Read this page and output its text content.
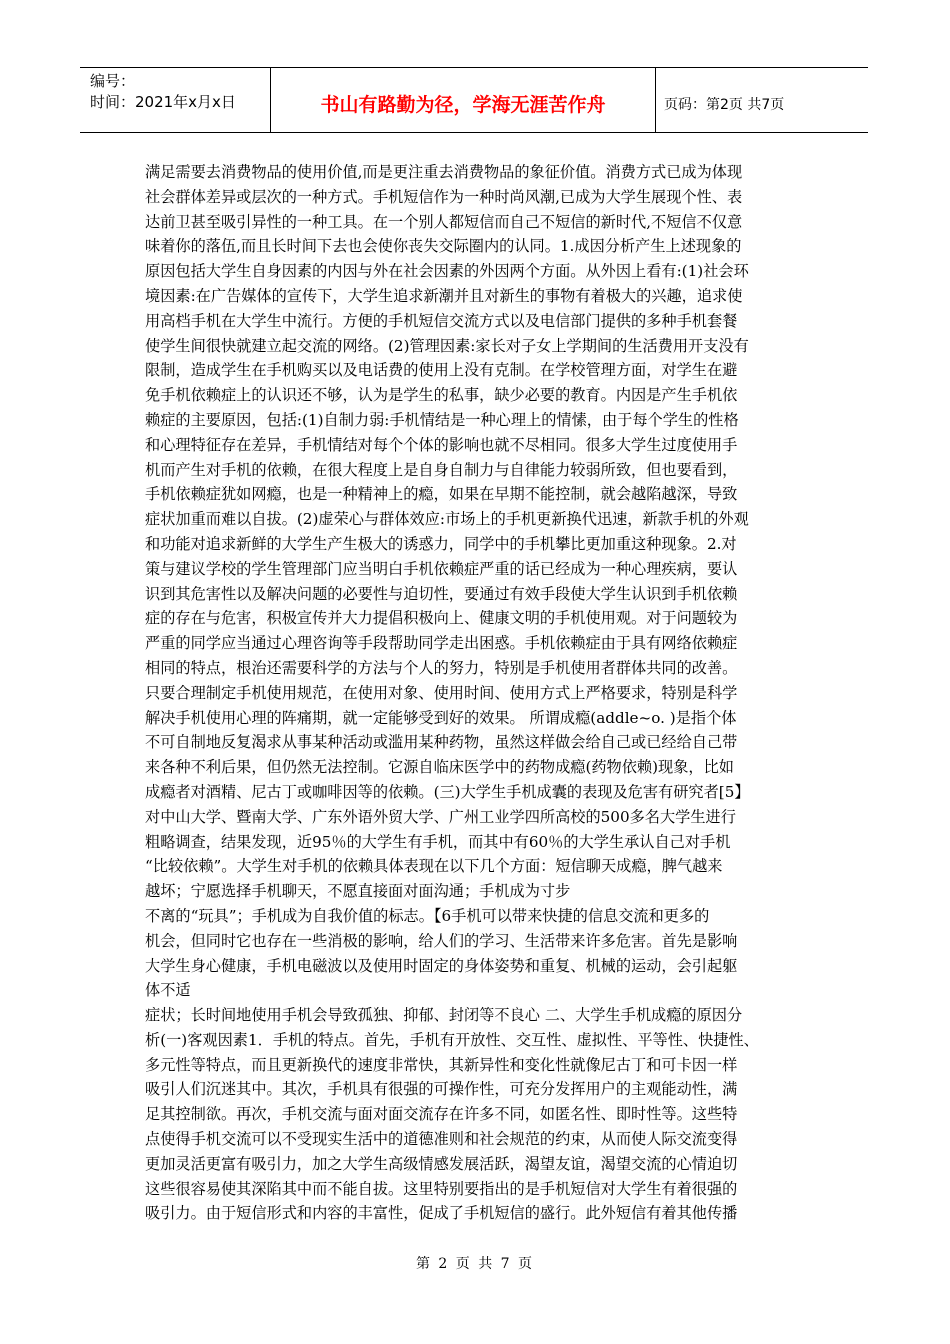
编号：
时间：2021年x月x日	书山有路勤为径，学海无涯苦作舟	页码：第2页 共7页
满足需要去消费物品的使用价值,而是更注重去消费物品的象征价值。消费方式已成为体现
社会群体差异或层次的一种方式。手机短信作为一种时尚风潮,已成为大学生展现个性、表
达前卫甚至吸引异性的一种工具。在一个别人都短信而自己不短信的新时代,不短信不仅意
味着你的落伍,而且长时间下去也会使你丧失交际圈内的认同。1.成因分析产生上述现象的
原因包括大学生自身因素的内因与外在社会因素的外因两个方面。从外因上看有:(1)社会环
境因素:在广告媒体的宣传下，大学生追求新潮并且对新生的事物有着极大的兴趣，追求使
用高档手机在大学生中流行。方便的手机短信交流方式以及电信部门提供的多种手机套餐
使学生间很快就建立起交流的网络。(2)管理因素:家长对子女上学期间的生活费用开支没有
限制，造成学生在手机购买以及电话费的使用上没有克制。在学校管理方面，对学生在避
免手机依赖症上的认识还不够，认为是学生的私事，缺少必要的教育。内因是产生手机依
赖症的主要原因，包括:(1)自制力弱:手机情结是一种心理上的情愫，由于每个学生的性格
和心理特征存在差异，手机情结对每个个体的影响也就不尽相同。很多大学生过度使用手
机而产生对手机的依赖，在很大程度上是自身自制力与自律能力较弱所致，但也要看到，
手机依赖症犹如网瘾，也是一种精神上的瘾，如果在早期不能控制，就会越陷越深，导致
症状加重而难以自拔。(2)虚荣心与群体效应:市场上的手机更新换代迅速，新款手机的外观
和功能对追求新鲜的大学生产生极大的诱惑力，同学中的手机攀比更加重这种现象。2.对
策与建议学校的学生管理部门应当明白手机依赖症严重的话已经成为一种心理疾病，要认
识到其危害性以及解决问题的必要性与迫切性，要通过有效手段使大学生认识到手机依赖
症的存在与危害，积极宣传并大力提倡积极向上、健康文明的手机使用观。对于问题较为
严重的同学应当通过心理咨询等手段帮助同学走出困惑。手机依赖症由于具有网络依赖症
相同的特点，根治还需要科学的方法与个人的努力，特别是手机使用者群体共同的改善。
只要合理制定手机使用规范，在使用对象、使用时间、使用方式上严格要求，特别是科学
解决手机使用心理的阵痛期，就一定能够受到好的效果。 所谓成瘾(addle~o. )是指个体
不可自制地反复渴求从事某种活动或滥用某种药物，虽然这样做会给自己或已经给自己带
来各种不利后果，但仍然无法控制。它源自临床医学中的药物成瘾(药物依赖)现象，比如
成瘾者对酒精、尼古丁或咖啡因等的依赖。(三)大学生手机成囊的表现及危害有研究者[5】
对中山大学、暨南大学、广东外语外贸大学、广州工业学四所高校的500多名大学生进行
粗略调查，结果发现，近95％的大学生有手机，而其中有60％的大学生承认自己对手机
“比较依赖”。大学生对手机的依赖具体表现在以下几个方面：短信聊天成瘾，脾气越来
越坏；宁愿选择手机聊天，不愿直接面对面沟通；手机成为寸步
不离的“玩具”；手机成为自我价值的标志。【6手机可以带来快捷的信息交流和更多的
机会，但同时它也存在一些消极的影响，给人们的学习、生活带来许多危害。首先是影响
大学生身心健康，手机电磁波以及使用时固定的身体姿势和重复、机械的运动，会引起躯
体不适
症状；长时间地使用手机会导致孤独、抑郁、封闭等不良心 二、大学生手机成瘾的原因分
析(一)客观因素1．手机的特点。首先，手机有开放性、交互性、虚拟性、平等性、快捷性、
多元性等特点，而且更新换代的速度非常快，其新异性和变化性就像尼古丁和可卡因一样
吸引人们沉迷其中。其次，手机具有很强的可操作性，可充分发挥用户的主观能动性，满
足其控制欲。再次，手机交流与面对面交流存在许多不同，如匿名性、即时性等。这些特
点使得手机交流可以不受现实生活中的道德准则和社会规范的约束，从而使人际交流变得
更加灵活更富有吸引力，加之大学生高级情感发展活跃，渴望友谊，渴望交流的心情迫切
这些很容易使其深陷其中而不能自拔。这里特别要指出的是手机短信对大学生有着很强的
吸引力。由于短信形式和内容的丰富性，促成了手机短信的盛行。此外短信有着其他传播
第 2 页 共 7 页
